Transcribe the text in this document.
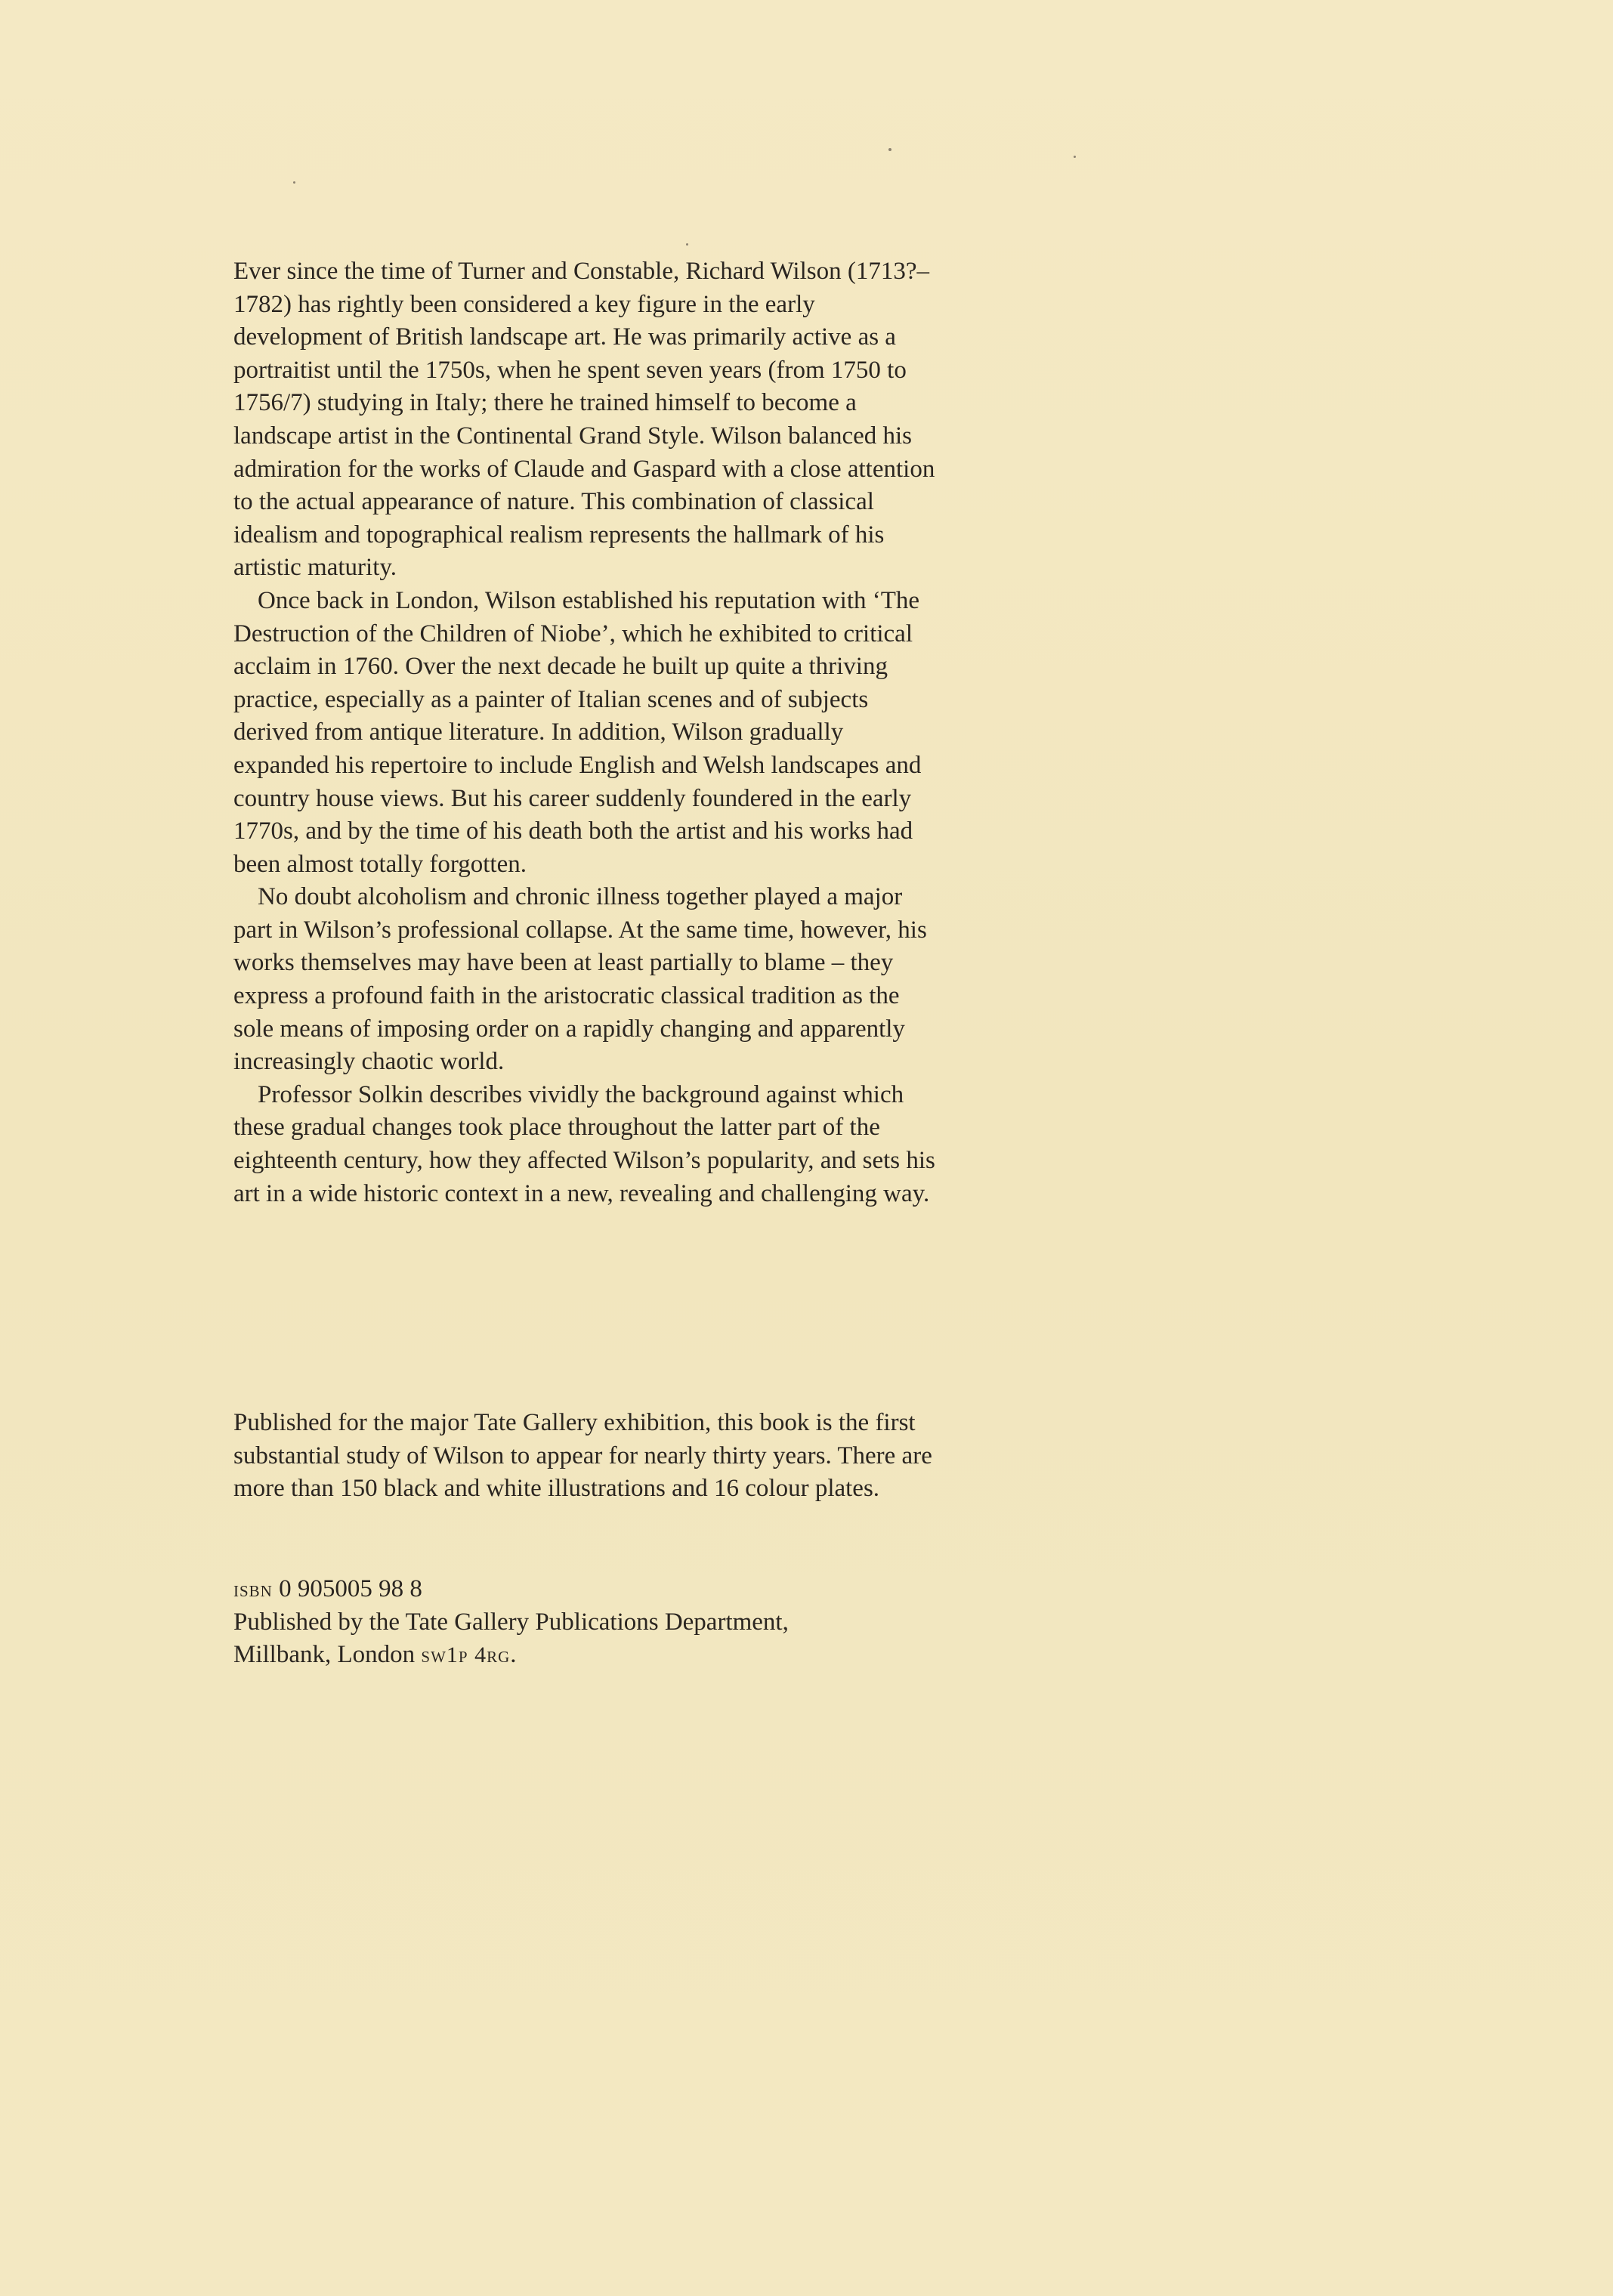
Ever since the time of Turner and Constable, Richard Wilson (1713?–1782) has rightly been considered a key figure in the early development of British landscape art. He was primarily active as a portraitist until the 1750s, when he spent seven years (from 1750 to 1756/7) studying in Italy; there he trained himself to become a landscape artist in the Continental Grand Style. Wilson balanced his admiration for the works of Claude and Gaspard with a close attention to the actual appearance of nature. This combination of classical idealism and topographical realism represents the hallmark of his artistic maturity.

Once back in London, Wilson established his reputation with ‘The Destruction of the Children of Niobe’, which he exhibited to critical acclaim in 1760. Over the next decade he built up quite a thriving practice, especially as a painter of Italian scenes and of subjects derived from antique literature. In addition, Wilson gradually expanded his repertoire to include English and Welsh landscapes and country house views. But his career suddenly foundered in the early 1770s, and by the time of his death both the artist and his works had been almost totally forgotten.

No doubt alcoholism and chronic illness together played a major part in Wilson’s professional collapse. At the same time, however, his works themselves may have been at least partially to blame – they express a profound faith in the aristocratic classical tradition as the sole means of imposing order on a rapidly changing and apparently increasingly chaotic world.

Professor Solkin describes vividly the background against which these gradual changes took place throughout the latter part of the eighteenth century, how they affected Wilson’s popularity, and sets his art in a wide historic context in a new, revealing and challenging way.

Published for the major Tate Gallery exhibition, this book is the first substantial study of Wilson to appear for nearly thirty years. There are more than 150 black and white illustrations and 16 colour plates.

isbn 0 905005 98 8

Published by the Tate Gallery Publications Department,

Millbank, London sw1p 4rg.
